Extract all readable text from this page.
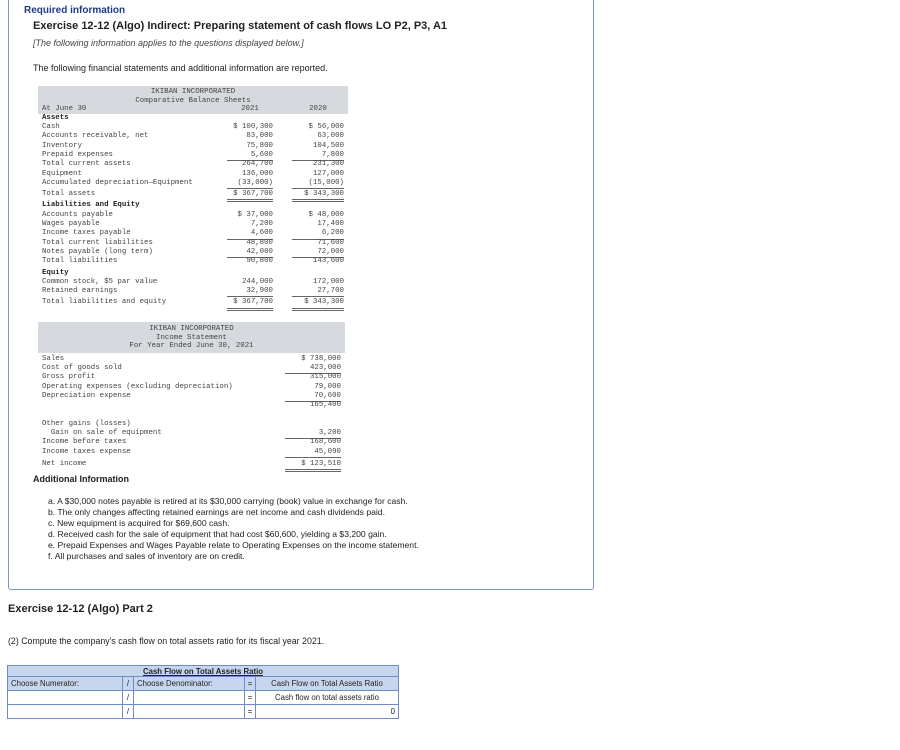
Required information
Exercise 12-12 (Algo) Indirect: Preparing statement of cash flows LO P2, P3, A1
[The following information applies to the questions displayed below.]
The following financial statements and additional information are reported.
IKIBAN INCORPORATED
Comparative Balance Sheets
At June 30	2021	2020
Assets
Cash	$ 100,300	$ 56,000
Accounts receivable, net	83,000	63,000
Inventory	75,800	104,500
Prepaid expenses	5,600	7,800
Total current assets	264,700	231,300
Equipment	136,000	127,000
Accumulated depreciation—Equipment	(33,000)	(15,000)
Total assets	$ 367,700	$ 343,300
Liabilities and Equity
Accounts payable	$ 37,000	$ 48,000
Wages payable	7,200	17,400
Income taxes payable	4,600	6,200
Total current liabilities	48,800	71,600
Notes payable (long term)	42,000	72,000
Total liabilities	90,800	143,600
Equity
Common stock, $5 par value	244,000	172,000
Retained earnings	32,900	27,700
Total liabilities and equity	$ 367,700	$ 343,300
IKIBAN INCORPORATED
Income Statement
For Year Ended June 30, 2021
Sales	$ 738,000
Cost of goods sold	423,000
Gross profit	315,000
Operating expenses (excluding depreciation)	79,000
Depreciation expense	70,600
165,400
Other gains (losses)
Gain on sale of equipment	3,200
Income before taxes	168,600
Income taxes expense	45,090
Net income	$ 123,510
Additional Information
a. A $30,000 notes payable is retired at its $30,000 carrying (book) value in exchange for cash.
b. The only changes affecting retained earnings are net income and cash dividends paid.
c. New equipment is acquired for $69,600 cash.
d. Received cash for the sale of equipment that had cost $60,600, yielding a $3,200 gain.
e. Prepaid Expenses and Wages Payable relate to Operating Expenses on the income statement.
f. All purchases and sales of inventory are on credit.
Exercise 12-12 (Algo) Part 2
(2) Compute the company's cash flow on total assets ratio for its fiscal year 2021.
Cash Flow on Total Assets Ratio				
Choose Numerator:	/	Choose Denominator:	=	Cash Flow on Total Assets Ratio
	/		=	Cash flow on total assets ratio
	/		=	0
